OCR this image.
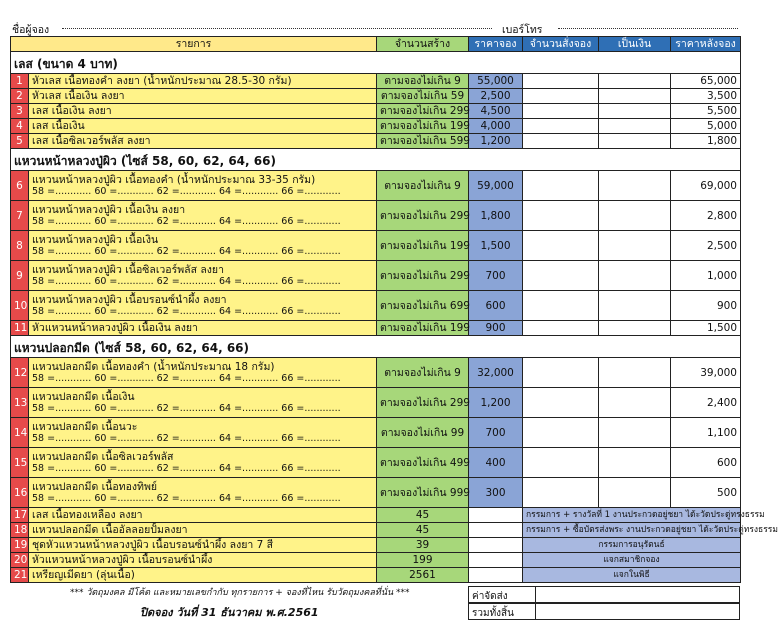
ชื่อผู้จอง	เบอร์โทร
รายการ		จำนวนสร้าง	ราคาจอง	จำนวนสั่งจอง	เป็นเงิน	ราคาหลังจอง
เลส (ขนาด 4 บาท)						
1	หัวเลส เนื้อทองคำ ลงยา (น้ำหนักประมาณ 28.5-30 กรัม)	ตามจองไม่เกิน 9	55,000			65,000
2	หัวเลส เนื้อเงิน ลงยา	ตามจองไม่เกิน 59	2,500			3,500
3	เลส เนื้อเงิน ลงยา	ตามจองไม่เกิน 299	4,500			5,500
4	เลส เนื้อเงิน	ตามจองไม่เกิน 199	4,000			5,000
5	เลส เนื้อซิลเวอร์พลัส ลงยา	ตามจองไม่เกิน 599	1,200			1,800
แหวนหน้าหลวงปู่ผิว (ไซส์ 58, 60, 62, 64, 66)						
6	แหวนหน้าหลวงปู่ผิว เนื้อทองคำ (น้ำหนักประมาณ 33-35 กรัม)
58 =............ 60 =............ 62 =............ 64 =............ 66 =............	ตามจองไม่เกิน 9	59,000			69,000
7	แหวนหน้าหลวงปู่ผิว เนื้อเงิน ลงยา
58 =............ 60 =............ 62 =............ 64 =............ 66 =............	ตามจองไม่เกิน 299	1,800			2,800
8	แหวนหน้าหลวงปู่ผิว เนื้อเงิน
58 =............ 60 =............ 62 =............ 64 =............ 66 =............	ตามจองไม่เกิน 199	1,500			2,500
9	แหวนหน้าหลวงปู่ผิว เนื้อซิลเวอร์พลัส ลงยา
58 =............ 60 =............ 62 =............ 64 =............ 66 =............	ตามจองไม่เกิน 299	700			1,000
10	แหวนหน้าหลวงปู่ผิว เนื้อบรอนซ์นำผึ้ง ลงยา
58 =............ 60 =............ 62 =............ 64 =............ 66 =............	ตามจองไม่เกิน 699	600			900
11	หัวแหวนหน้าหลวงปู่ผิว เนื้อเงิน ลงยา	ตามจองไม่เกิน 199	900			1,500
แหวนปลอกมีด (ไซส์ 58, 60, 62, 64, 66)						
12	แหวนปลอกมีด เนื้อทองคำ (น้ำหนักประมาณ 18 กรัม)
58 =............ 60 =............ 62 =............ 64 =............ 66 =............	ตามจองไม่เกิน 9	32,000			39,000
13	แหวนปลอกมีด เนื้อเงิน
58 =............ 60 =............ 62 =............ 64 =............ 66 =............	ตามจองไม่เกิน 299	1,200			2,400
14	แหวนปลอกมีด เนื้อนวะ
58 =............ 60 =............ 62 =............ 64 =............ 66 =............	ตามจองไม่เกิน 99	700			1,100
15	แหวนปลอกมีด เนื้อซิลเวอร์พลัส
58 =............ 60 =............ 62 =............ 64 =............ 66 =............	ตามจองไม่เกิน 499	400			600
16	แหวนปลอกมีด เนื้อทองทิพย์
58 =............ 60 =............ 62 =............ 64 =............ 66 =............	ตามจองไม่เกิน 999	300			500
17	เลส เนื้อทองเหลือง ลงยา	45		กรรมการ + รางวัลที่ 1 งานประกวดอยู่ชยา ได้ะวัดประดู่ทรงธรรม		
18	แหวนปลอกมีด เนื้ออัลลอยปั้มลงยา	45		กรรมการ + ซื้อบัตรส่งพระ งานประกวดอยู่ชยา ได้ะวัดประดู่ทรงธรรม		
19	ชุดหัวแหวนหน้าหลวงปู่ผิว เนื้อบรอนซ์นำผึ้ง ลงยา 7 สี	39		กรรมการอนุรัตนธ์		
20	หัวแหวนหน้าหลวงปู่ผิว เนื้อบรอนซ์นำผึ้ง	199		แจกสมาชิกจอง		
21	เหรียญเมีดยา (ลุ่นเนื้อ)	2561		แจกในพิธี		
*** วัตถุมงคล มีโค้ด และหมายเลขกำกับ ทุกรายการ + จองที่ไหน รับวัตถุมงคลที่นั่น ***
ปิดจอง วันที่ 31 ธันวาคม พ.ศ.2561
ค่าจัดส่ง
รวมทั้งสิ้น
